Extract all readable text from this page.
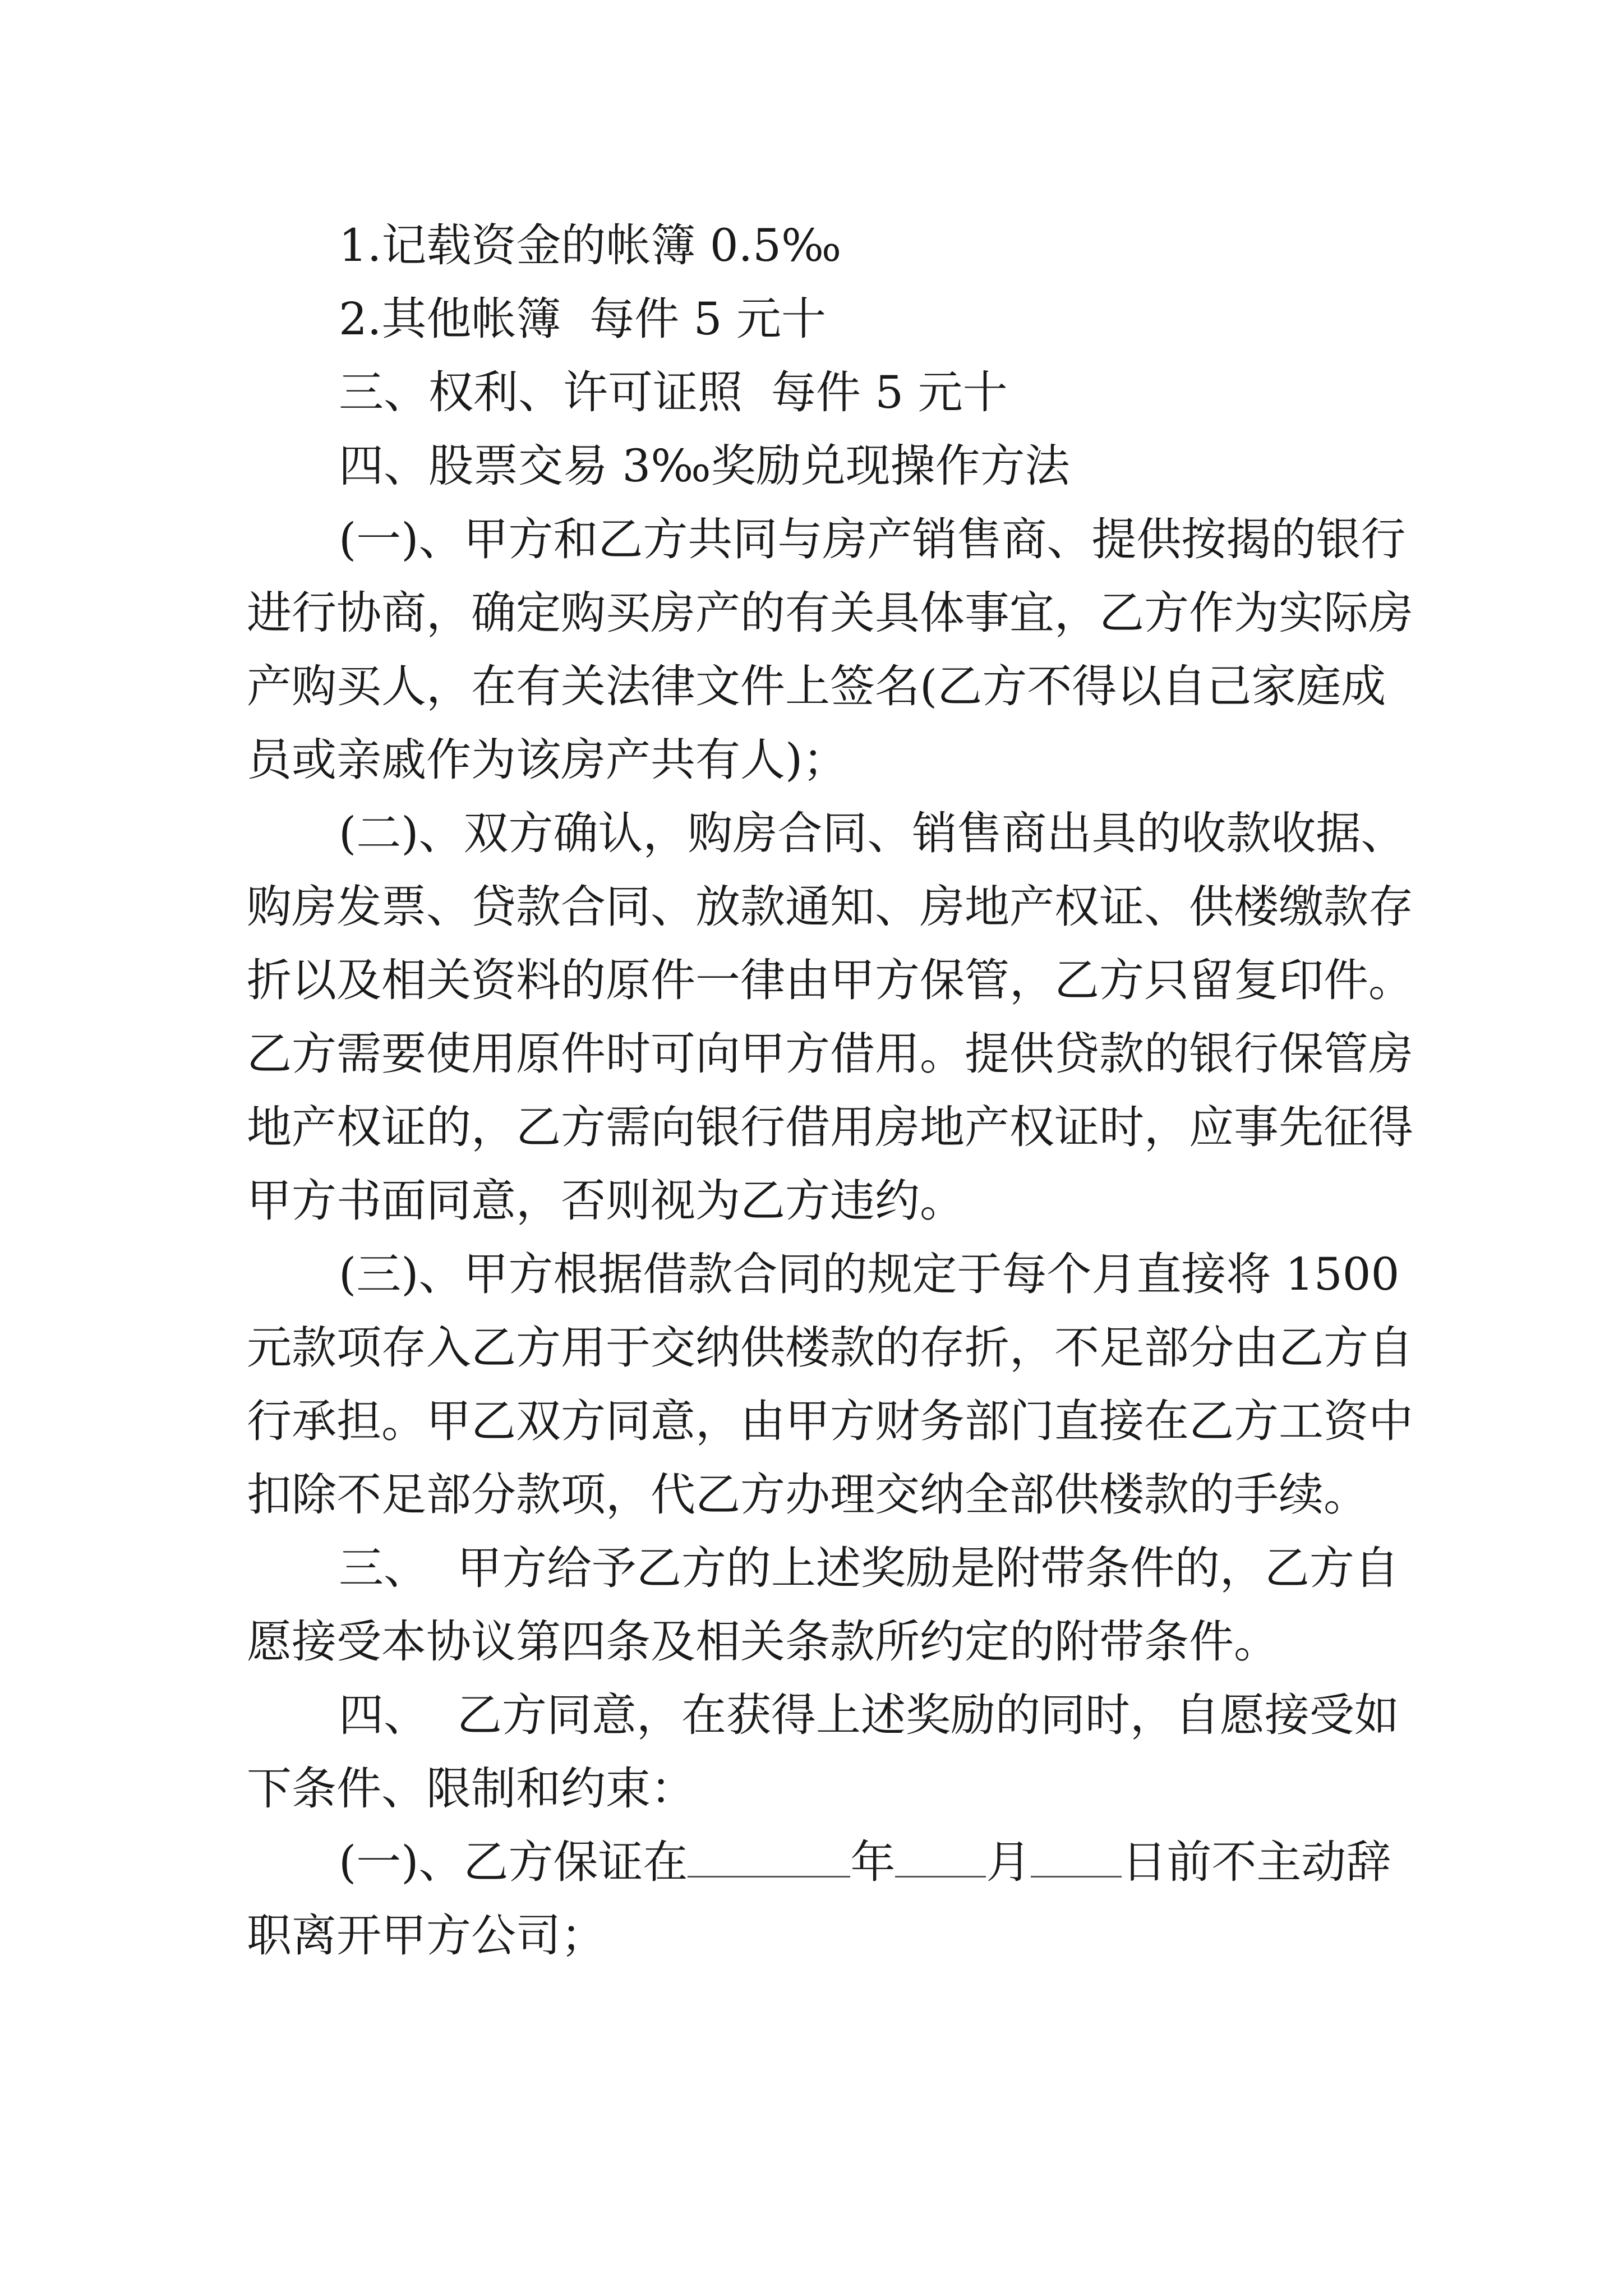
1.记载资金的帐簿 0.5‰
2.其他帐簿  每件 5 元十
三、权利、许可证照  每件 5 元十
四、股票交易 3‰奖励兑现操作方法
(一)、甲方和乙方共同与房产销售商、提供按揭的银行
进行协商，确定购买房产的有关具体事宜，乙方作为实际房
产购买人，在有关法律文件上签名(乙方不得以自己家庭成
员或亲戚作为该房产共有人)；
(二)、双方确认，购房合同、销售商出具的收款收据、
购房发票、贷款合同、放款通知、房地产权证、供楼缴款存
折以及相关资料的原件一律由甲方保管，乙方只留复印件。
乙方需要使用原件时可向甲方借用。提供贷款的银行保管房
地产权证的，乙方需向银行借用房地产权证时，应事先征得
甲方书面同意，否则视为乙方违约。
(三)、甲方根据借款合同的规定于每个月直接将 1500
元款项存入乙方用于交纳供楼款的存折，不足部分由乙方自
行承担。甲乙双方同意，由甲方财务部门直接在乙方工资中
扣除不足部分款项，代乙方办理交纳全部供楼款的手续。
三、  甲方给予乙方的上述奖励是附带条件的，乙方自
愿接受本协议第四条及相关条款所约定的附带条件。
四、  乙方同意，在获得上述奖励的同时，自愿接受如
下条件、限制和约束：
(一)、乙方保证在	年 月 日前不主动辞
职离开甲方公司；
